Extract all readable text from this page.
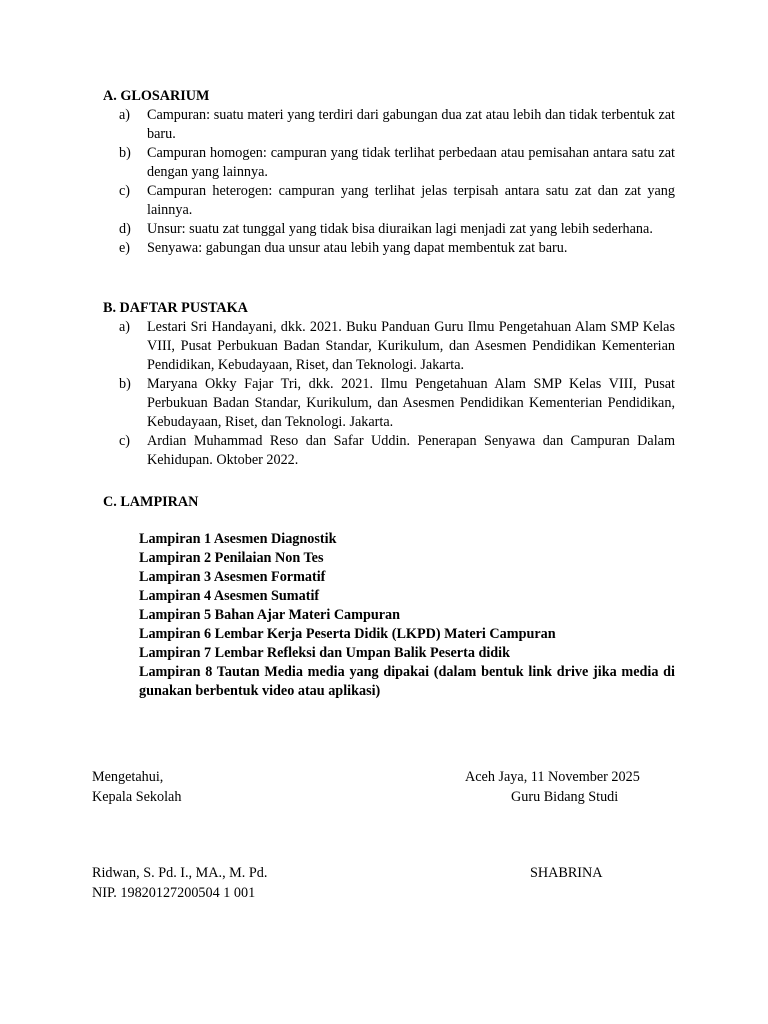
A. GLOSARIUM
a) Campuran: suatu materi yang terdiri dari gabungan dua zat atau lebih dan tidak terbentuk zat baru.
b) Campuran homogen: campuran yang tidak terlihat perbedaan atau pemisahan antara satu zat dengan yang lainnya.
c) Campuran heterogen: campuran yang terlihat jelas terpisah antara satu zat dan zat yang lainnya.
d) Unsur: suatu zat tunggal yang tidak bisa diuraikan lagi menjadi zat yang lebih sederhana.
e) Senyawa: gabungan dua unsur atau lebih yang dapat membentuk zat baru.
B. DAFTAR PUSTAKA
a) Lestari Sri Handayani, dkk. 2021. Buku Panduan Guru Ilmu Pengetahuan Alam SMP Kelas VIII, Pusat Perbukuan Badan Standar, Kurikulum, dan Asesmen Pendidikan Kementerian Pendidikan, Kebudayaan, Riset, dan Teknologi. Jakarta.
b) Maryana Okky Fajar Tri, dkk. 2021. Ilmu Pengetahuan Alam SMP Kelas VIII, Pusat Perbukuan Badan Standar, Kurikulum, dan Asesmen Pendidikan Kementerian Pendidikan, Kebudayaan, Riset, dan Teknologi. Jakarta.
c) Ardian Muhammad Reso dan Safar Uddin. Penerapan Senyawa dan Campuran Dalam Kehidupan. Oktober 2022.
C. LAMPIRAN
Lampiran 1 Asesmen Diagnostik
Lampiran 2 Penilaian Non Tes
Lampiran 3 Asesmen Formatif
Lampiran 4 Asesmen Sumatif
Lampiran 5 Bahan Ajar Materi Campuran
Lampiran 6 Lembar Kerja Peserta Didik (LKPD) Materi Campuran
Lampiran 7 Lembar Refleksi dan Umpan Balik Peserta didik
Lampiran 8 Tautan Media media yang dipakai (dalam bentuk link drive jika media di gunakan berbentuk video atau aplikasi)
Mengetahui,
Kepala Sekolah
Ridwan, S. Pd. I., MA., M. Pd.
NIP. 19820127200504 1 001
Aceh Jaya, 11 November 2025
Guru Bidang Studi
SHABRINA
